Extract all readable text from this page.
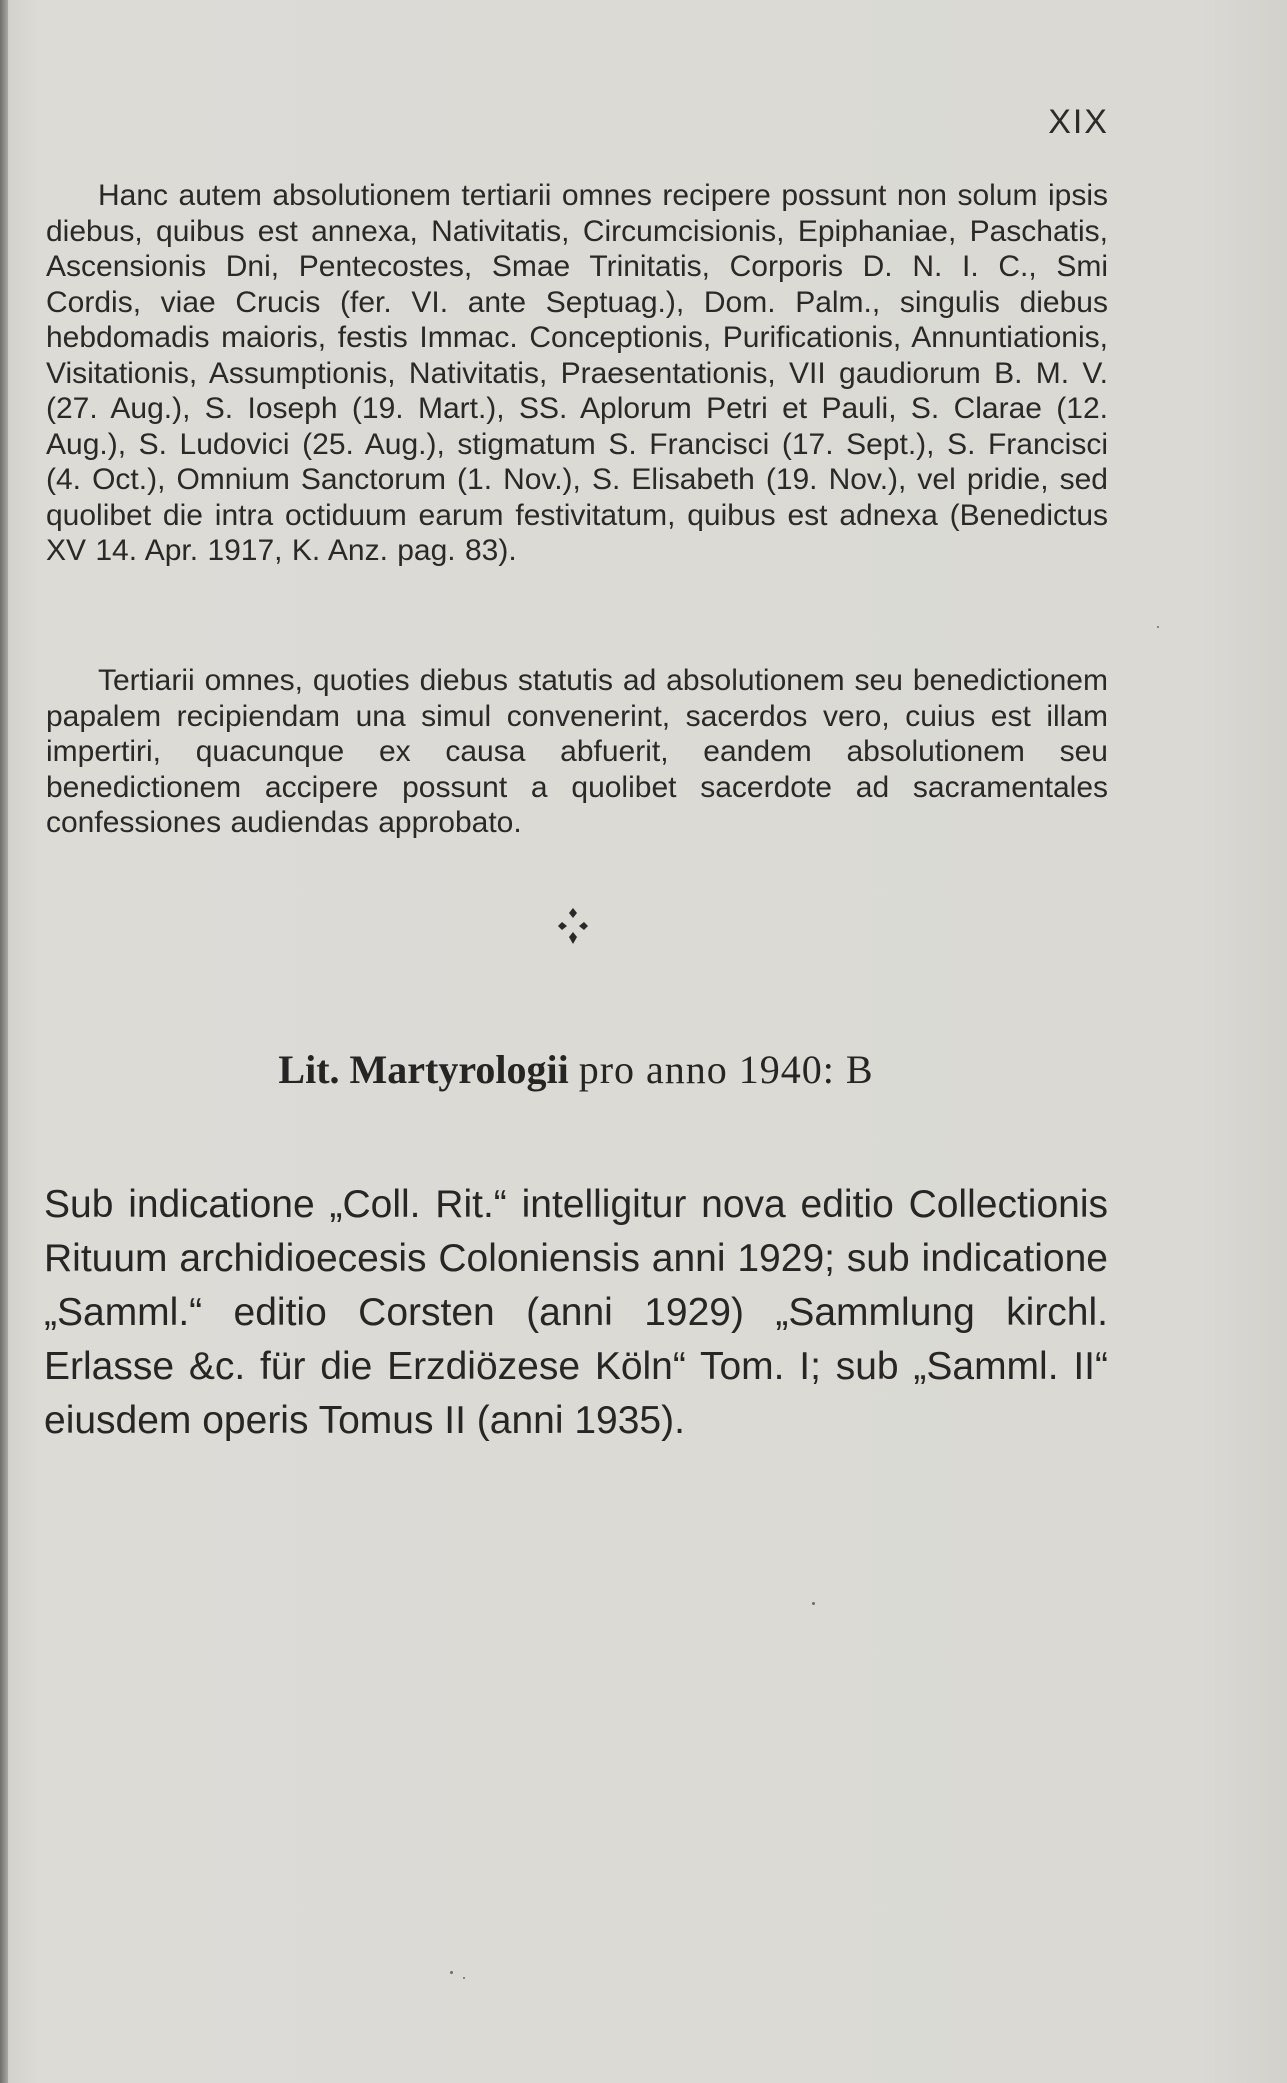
XIX

Hanc autem absolutionem tertiarii omnes recipere possunt non solum ipsis diebus, quibus est annexa, Nativitatis, Circumcisionis, Epiphaniae, Paschatis, Ascensionis Dni, Pentecostes, Smae Trinitatis, Corporis D. N. I. C., Smi Cordis, viae Crucis (fer. VI. ante Septuag.), Dom. Palm., singulis diebus hebdomadis maioris, festis Immac. Conceptionis, Purificationis, Annuntiationis, Visitationis, Assumptionis, Nativitatis, Praesentationis, VII gaudiorum B. M. V. (27. Aug.), S. Ioseph (19. Mart.), SS. Aplorum Petri et Pauli, S. Clarae (12. Aug.), S. Ludovici (25. Aug.), stigmatum S. Francisci (17. Sept.), S. Francisci (4. Oct.), Omnium Sanctorum (1. Nov.), S. Elisabeth (19. Nov.), vel pridie, sed quolibet die intra octiduum earum festivitatum, quibus est adnexa (Benedictus XV 14. Apr. 1917, K. Anz. pag. 83).

Tertiarii omnes, quoties diebus statutis ad absolutionem seu benedictionem papalem recipiendam una simul convenerint, sacerdos vero, cuius est illam impertiri, quacunque ex causa abfuerit, eandem absolutionem seu benedictionem accipere possunt a quolibet sacerdote ad sacramentales confessiones audiendas approbato.

Lit. Martyrologii pro anno 1940: B

Sub indicatione „Coll. Rit.“ intelligitur nova editio Collectionis Rituum archidioecesis Coloniensis anni 1929; sub indicatione „Samml.“ editio Corsten (anni 1929) „Sammlung kirchl. Erlasse &c. für die Erzdiözese Köln“ Tom. I; sub „Samml. II“ eiusdem operis Tomus II (anni 1935).
